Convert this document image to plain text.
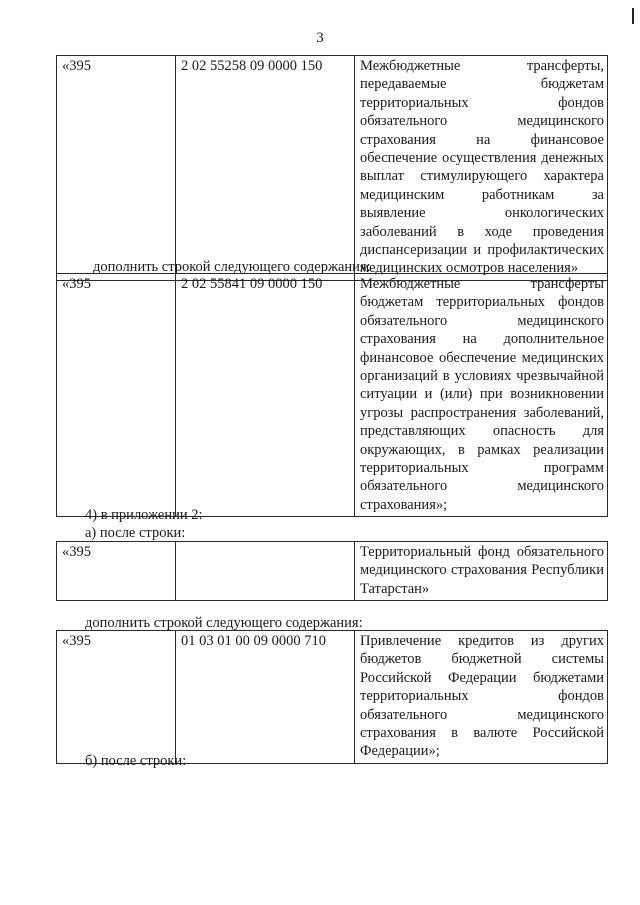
3
«395	2 02 55258 09 0000 150	Межбюджетные трансферты, передаваемые бюджетам территориальных фондов обязательного медицинского страхования на финансовое обеспечение осуществления денежных выплат стимулирующего характера медицинским работникам за выявление онкологических заболеваний в ходе проведения диспансеризации и профилактических медицинских осмотров населения»
дополнить строкой следующего содержания:
«395	2 02 55841 09 0000 150	Межбюджетные трансферты бюджетам территориальных фондов обязательного медицинского страхования на дополнительное финансовое обеспечение медицинских организаций в условиях чрезвычайной ситуации и (или) при возникновении угрозы распространения заболеваний, представляющих опасность для окружающих, в рамках реализации территориальных программ обязательного медицинского страхования»;
4) в приложении 2:
а) после строки:
«395		Территориальный фонд обязательного медицинского страхования Республики Татарстан»
дополнить строкой следующего содержания:
«395	01 03 01 00 09 0000 710	Привлечение кредитов из других бюджетов бюджетной системы Российской Федерации бюджетами территориальных фондов обязательного медицинского страхования в валюте Российской Федерации»;
б) после строки:
